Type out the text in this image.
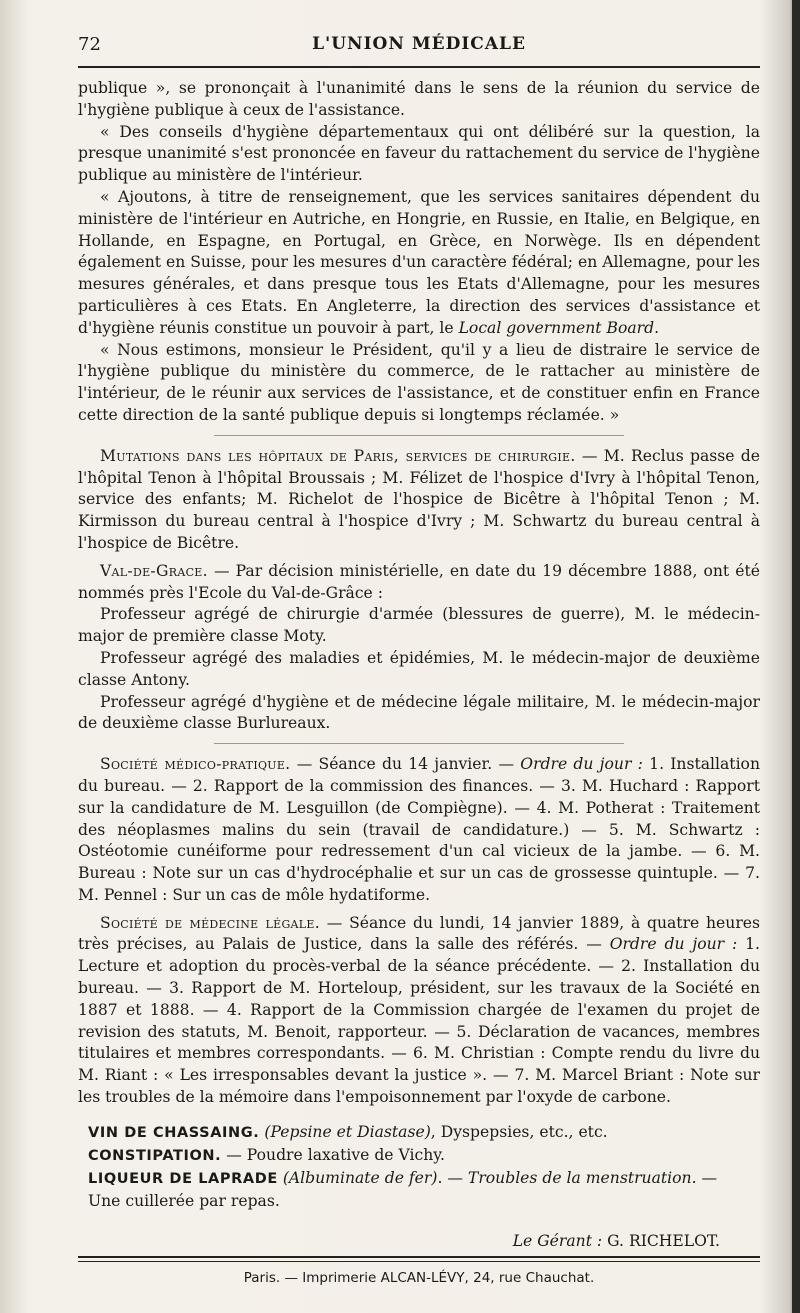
72	L'UNION MÉDICALE

publique », se prononçait à l'unanimité dans le sens de la réunion du service de l'hygiène publique à ceux de l'assistance.

« Des conseils d'hygiène départementaux qui ont délibéré sur la question, la presque unanimité s'est prononcée en faveur du rattachement du service de l'hygiène publique au ministère de l'intérieur.

« Ajoutons, à titre de renseignement, que les services sanitaires dépendent du ministère de l'intérieur en Autriche, en Hongrie, en Russie, en Italie, en Belgique, en Hollande, en Espagne, en Portugal, en Grèce, en Norwège. Ils en dépendent également en Suisse, pour les mesures d'un caractère fédéral; en Allemagne, pour les mesures générales, et dans presque tous les Etats d'Allemagne, pour les mesures particulières à ces Etats. En Angleterre, la direction des services d'assistance et d'hygiène réunis constitue un pouvoir à part, le Local government Board.

« Nous estimons, monsieur le Président, qu'il y a lieu de distraire le service de l'hygiène publique du ministère du commerce, de le rattacher au ministère de l'intérieur, de le réunir aux services de l'assistance, et de constituer enfin en France cette direction de la santé publique depuis si longtemps réclamée. »

Mutations dans les hôpitaux de Paris, services de chirurgie. — M. Reclus passe de l'hôpital Tenon à l'hôpital Broussais ; M. Félizet de l'hospice d'Ivry à l'hôpital Tenon, service des enfants; M. Richelot de l'hospice de Bicêtre à l'hôpital Tenon ; M. Kirmisson du bureau central à l'hospice d'Ivry ; M. Schwartz du bureau central à l'hospice de Bicêtre.

Val-de-Grace. — Par décision ministérielle, en date du 19 décembre 1888, ont été nommés près l'Ecole du Val-de-Grâce :

Professeur agrégé de chirurgie d'armée (blessures de guerre), M. le médecin-major de première classe Moty.

Professeur agrégé des maladies et épidémies, M. le médecin-major de deuxième classe Antony.

Professeur agrégé d'hygiène et de médecine légale militaire, M. le médecin-major de deuxième classe Burlureaux.

Société médico-pratique. — Séance du 14 janvier. — Ordre du jour : 1. Installation du bureau. — 2. Rapport de la commission des finances. — 3. M. Huchard : Rapport sur la candidature de M. Lesguillon (de Compiègne). — 4. M. Potherat : Traitement des néoplasmes malins du sein (travail de candidature.) — 5. M. Schwartz : Ostéotomie cunéiforme pour redressement d'un cal vicieux de la jambe. — 6. M. Bureau : Note sur un cas d'hydrocéphalie et sur un cas de grossesse quintuple. — 7. M. Pennel : Sur un cas de môle hydatiforme.

Société de médecine légale. — Séance du lundi, 14 janvier 1889, à quatre heures très précises, au Palais de Justice, dans la salle des référés. — Ordre du jour : 1. Lecture et adoption du procès-verbal de la séance précédente. — 2. Installation du bureau. — 3. Rapport de M. Horteloup, président, sur les travaux de la Société en 1887 et 1888. — 4. Rapport de la Commission chargée de l'examen du projet de revision des statuts, M. Benoit, rapporteur. — 5. Déclaration de vacances, membres titulaires et membres correspondants. — 6. M. Christian : Compte rendu du livre du M. Riant : « Les irresponsables devant la justice ». — 7. M. Marcel Briant : Note sur les troubles de la mémoire dans l'empoisonnement par l'oxyde de carbone.

VIN DE CHASSAING. (Pepsine et Diastase), Dyspepsies, etc., etc.

CONSTIPATION. — Poudre laxative de Vichy.

LIQUEUR DE LAPRADE (Albuminate de fer). — Troubles de la menstruation. —

Une cuillerée par repas.

Le Gérant : G. RICHELOT.
Paris. — Imprimerie ALCAN-LÉVY, 24, rue Chauchat.
